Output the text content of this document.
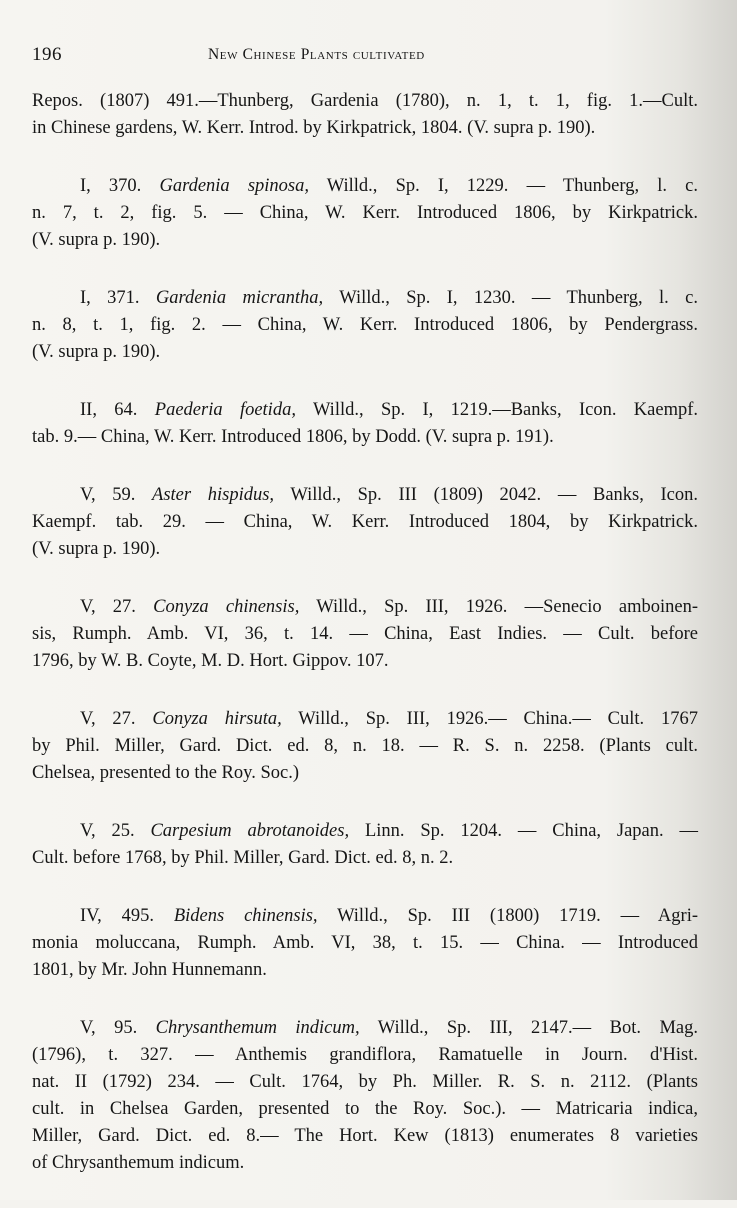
196	New Chinese Plants cultivated
Repos. (1807) 491.—Thunberg, Gardenia (1780), n. 1, t. 1, fig. 1.—Cult.
in Chinese gardens, W. Kerr. Introd. by Kirkpatrick, 1804. (V. supra p. 190).
I, 370. Gardenia spinosa, Willd., Sp. I, 1229. — Thunberg, l. c.
n. 7, t. 2, fig. 5. — China, W. Kerr. Introduced 1806, by Kirkpatrick.
(V. supra p. 190).
I, 371. Gardenia micrantha, Willd., Sp. I, 1230. — Thunberg, l. c.
n. 8, t. 1, fig. 2. — China, W. Kerr. Introduced 1806, by Pendergrass.
(V. supra p. 190).
II, 64. Paederia foetida, Willd., Sp. I, 1219.—Banks, Icon. Kaempf.
tab. 9.— China, W. Kerr. Introduced 1806, by Dodd. (V. supra p. 191).
V, 59. Aster hispidus, Willd., Sp. III (1809) 2042. — Banks, Icon.
Kaempf. tab. 29. — China, W. Kerr. Introduced 1804, by Kirkpatrick.
(V. supra p. 190).
V, 27. Conyza chinensis, Willd., Sp. III, 1926. —Senecio amboinen-
sis, Rumph. Amb. VI, 36, t. 14. — China, East Indies. — Cult. before
1796, by W. B. Coyte, M. D. Hort. Gippov. 107.
V, 27. Conyza hirsuta, Willd., Sp. III, 1926.— China.— Cult. 1767
by Phil. Miller, Gard. Dict. ed. 8, n. 18. — R. S. n. 2258. (Plants cult.
Chelsea, presented to the Roy. Soc.)
V, 25. Carpesium abrotanoides, Linn. Sp. 1204. — China, Japan. —
Cult. before 1768, by Phil. Miller, Gard. Dict. ed. 8, n. 2.
IV, 495. Bidens chinensis, Willd., Sp. III (1800) 1719. — Agri-
monia moluccana, Rumph. Amb. VI, 38, t. 15. — China. — Introduced
1801, by Mr. John Hunnemann.
V, 95. Chrysanthemum indicum, Willd., Sp. III, 2147.— Bot. Mag.
(1796), t. 327. — Anthemis grandiflora, Ramatuelle in Journ. d'Hist.
nat. II (1792) 234. — Cult. 1764, by Ph. Miller. R. S. n. 2112. (Plants
cult. in Chelsea Garden, presented to the Roy. Soc.). — Matricaria indica,
Miller, Gard. Dict. ed. 8.— The Hort. Kew (1813) enumerates 8 varieties
of Chrysanthemum indicum.
